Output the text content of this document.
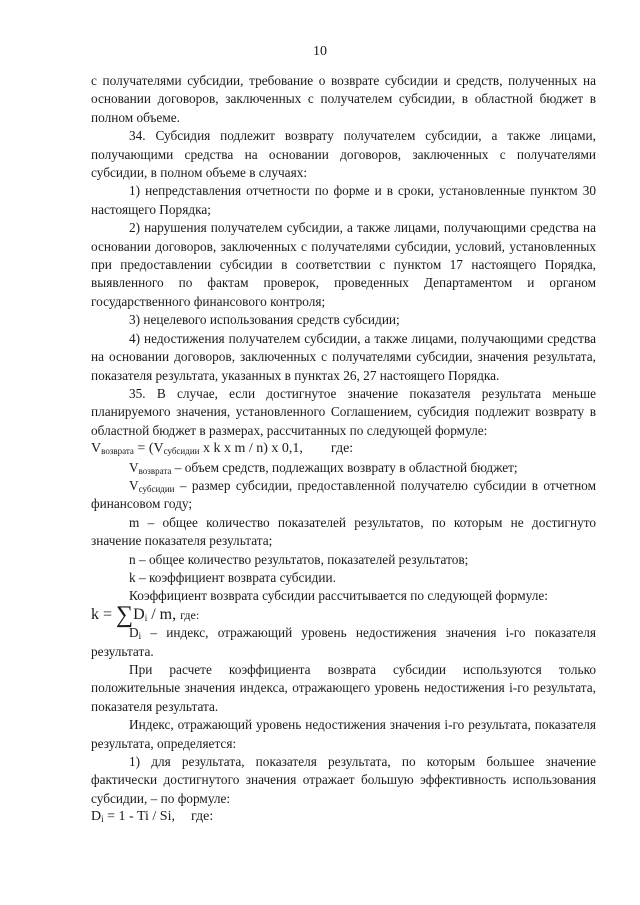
10

с получателями субсидии, требование о возврате субсидии и средств, полученных на основании договоров, заключенных с получателем субсидии, в областной бюджет в полном объеме.

34. Субсидия подлежит возврату получателем субсидии, а также лицами, получающими средства на основании договоров, заключенных с получателями субсидии, в полном объеме в случаях:

1) непредставления отчетности по форме и в сроки, установленные пунктом 30 настоящего Порядка;

2) нарушения получателем субсидии, а также лицами, получающими средства на основании договоров, заключенных с получателями субсидии, условий, установленных при предоставлении субсидии в соответствии с пунктом 17 настоящего Порядка, выявленного по фактам проверок, проведенных Департаментом и органом государственного финансового контроля;

3) нецелевого использования средств субсидии;

4) недостижения получателем субсидии, а также лицами, получающими средства на основании договоров, заключенных с получателями субсидии, значения результата, показателя результата, указанных в пунктах 26, 27 настоящего Порядка.

35. В случае, если достигнутое значение показателя результата меньше планируемого значения, установленного Соглашением, субсидия подлежит возврату в областной бюджет в размерах, рассчитанных по следующей формуле:

$V_{возврата} = (V_{субсидии}$ x k x m / n) x 0,1, где:

$V_{возврата}$ – объем средств, подлежащих возврату в областной бюджет;

$V_{субсидии}$ – размер субсидии, предоставленной получателю субсидии в отчетном финансовом году;

m – общее количество показателей результатов, по которым не достигнуто значение показателя результата;

n – общее количество результатов, показателей результатов;

k – коэффициент возврата субсидии.

Коэффициент возврата субсидии рассчитывается по следующей формуле:

$k = \sum D_i / m$, где:

$D_i$ – индекс, отражающий уровень недостижения значения i-го показателя результата.

При расчете коэффициента возврата субсидии используются только положительные значения индекса, отражающего уровень недостижения i-го результата, показателя результата.

Индекс, отражающий уровень недостижения значения i-го результата, показателя результата, определяется:

1) для результата, показателя результата, по которым большее значение фактически достигнутого значения отражает большую эффективность использования субсидии, – по формуле:

$D_i = 1 - Ti / Si$, где:
